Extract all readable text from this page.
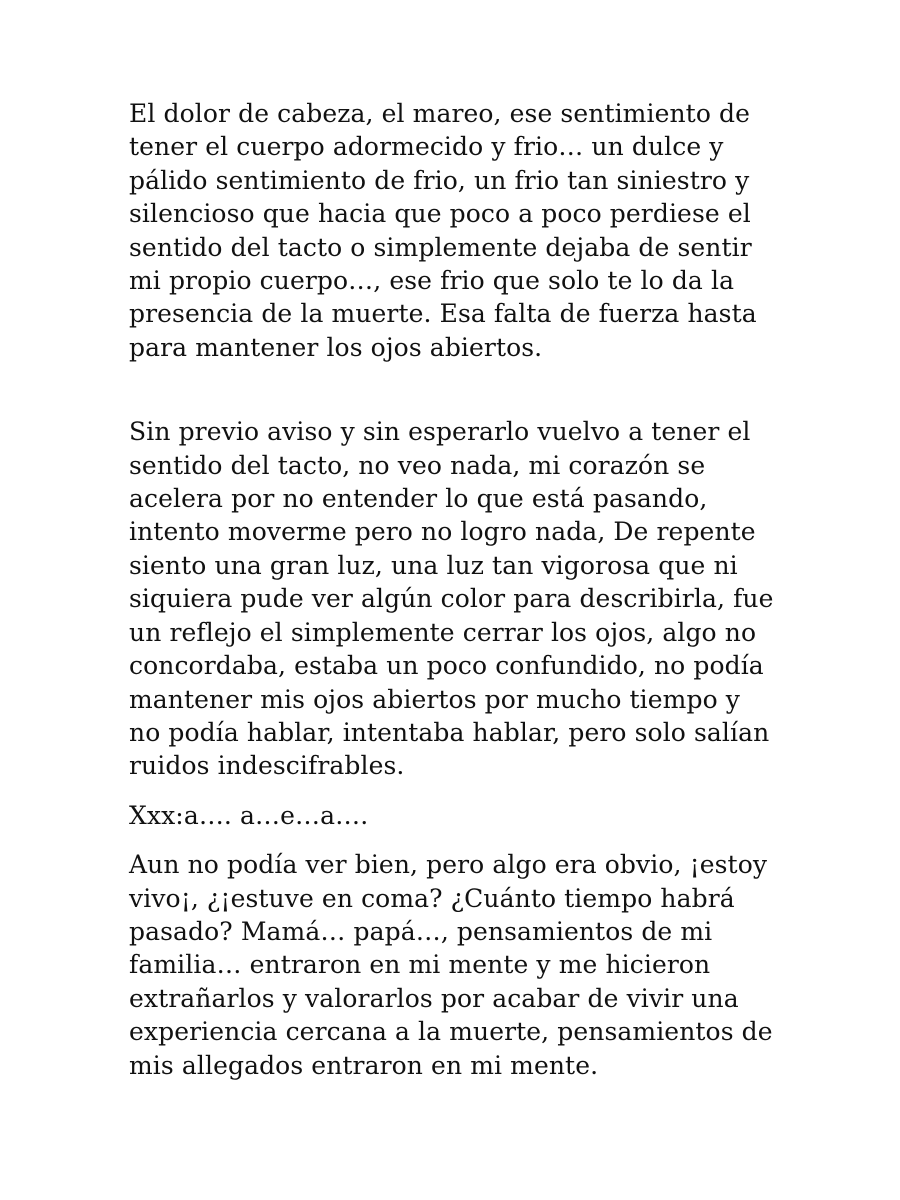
El dolor de cabeza, el mareo, ese sentimiento de
tener el cuerpo adormecido y frio… un dulce y
pálido sentimiento de frio, un frio tan siniestro y
silencioso que hacia que poco a poco perdiese el
sentido del tacto o simplemente dejaba de sentir
mi propio cuerpo…, ese frio que solo te lo da la
presencia de la muerte. Esa falta de fuerza hasta
para mantener los ojos abiertos.
Sin previo aviso y sin esperarlo vuelvo a tener el
sentido del tacto, no veo nada, mi corazón se
acelera por no entender lo que está pasando,
intento moverme pero no logro nada, De repente
siento una gran luz, una luz tan vigorosa que ni
siquiera pude ver algún color para describirla, fue
un reflejo el simplemente cerrar los ojos, algo no
concordaba, estaba un poco confundido, no podía
mantener mis ojos abiertos por mucho tiempo y
no podía hablar, intentaba hablar, pero solo salían
ruidos indescifrables.
Xxx:a…. a…e…a….
Aun no podía ver bien, pero algo era obvio, ¡estoy
vivo¡, ¿¡estuve en coma? ¿Cuánto tiempo habrá
pasado? Mamá… papá…, pensamientos de mi
familia… entraron en mi mente y me hicieron
extrañarlos y valorarlos por acabar de vivir una
experiencia cercana a la muerte, pensamientos de
mis allegados entraron en mi mente.
